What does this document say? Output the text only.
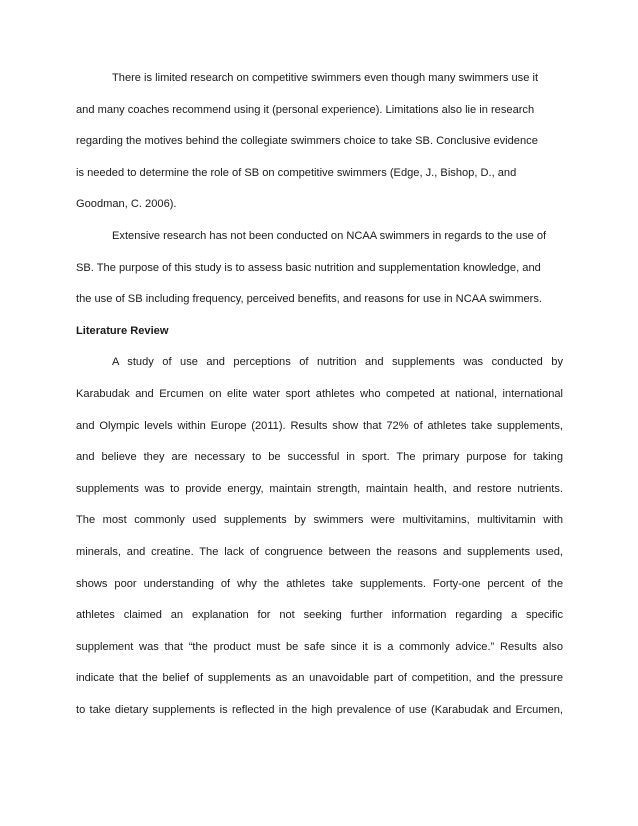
There is limited research on competitive swimmers even though many swimmers use it
and many coaches recommend using it (personal experience). Limitations also lie in research
regarding the motives behind the collegiate swimmers choice to take SB. Conclusive evidence
is needed to determine the role of SB on competitive swimmers (Edge, J., Bishop, D., and
Goodman, C. 2006).
Extensive research has not been conducted on NCAA swimmers in regards to the use of
SB. The purpose of this study is to assess basic nutrition and supplementation knowledge, and
the use of SB including frequency, perceived benefits, and reasons for use in NCAA swimmers.
Literature Review
A study of use and perceptions of nutrition and supplements was conducted by
Karabudak and Ercumen on elite water sport athletes who competed at national, international
and Olympic levels within Europe (2011). Results show that 72% of athletes take supplements,
and believe they are necessary to be successful in sport. The primary purpose for taking
supplements was to provide energy, maintain strength, maintain health, and restore nutrients.
The most commonly used supplements by swimmers were multivitamins, multivitamin with
minerals, and creatine. The lack of congruence between the reasons and supplements used,
shows poor understanding of why the athletes take supplements. Forty-one percent of the
athletes claimed an explanation for not seeking further information regarding a specific
supplement was that “the product must be safe since it is a commonly advice.” Results also
indicate that the belief of supplements as an unavoidable part of competition, and the pressure
to take dietary supplements is reflected in the high prevalence of use (Karabudak and Ercumen,
